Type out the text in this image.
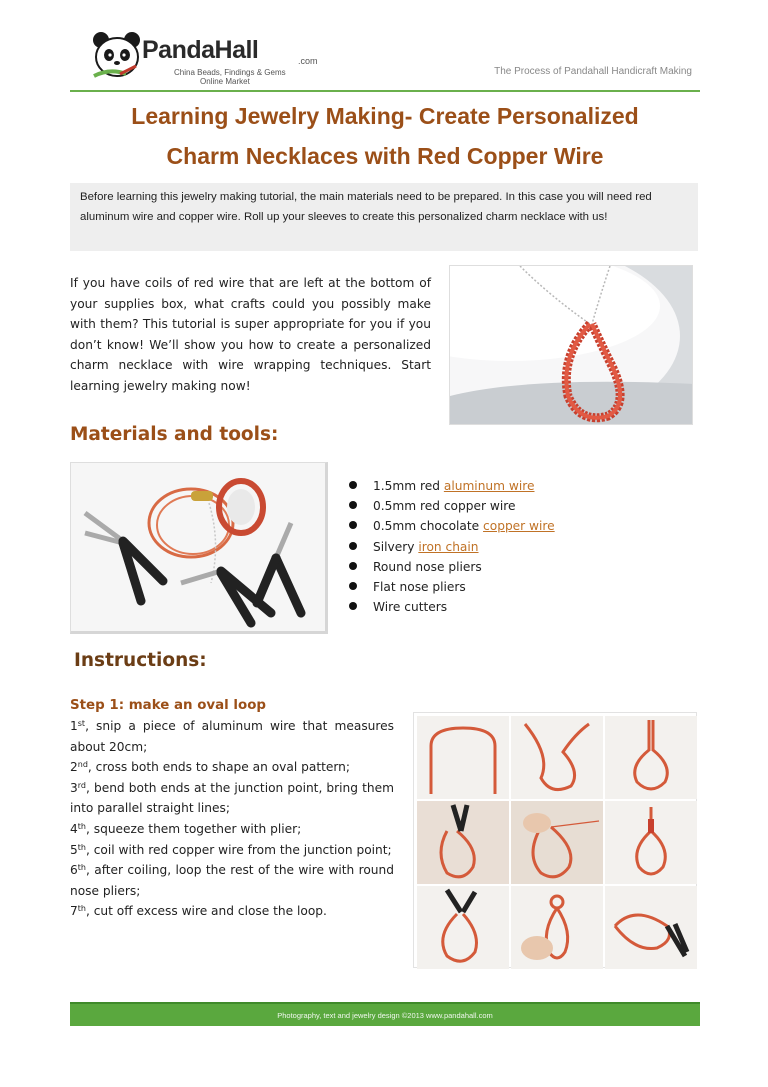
PandaHall	.com
China Beads, Findings & Gems
Online Market
The Process of Pandahall Handicraft Making
Learning Jewelry Making- Create Personalized
Charm Necklaces with Red Copper Wire
Before learning this jewelry making tutorial, the main materials need to be prepared. In this case you will need red aluminum wire and copper wire. Roll up your sleeves to create this personalized charm necklace with us!

If you have coils of red wire that are left at the bottom of your supplies box, what crafts could you possibly make with them? This tutorial is super appropriate for you if you don’t know! We’ll show you how to create a personalized charm necklace with wire wrapping techniques. Start learning jewelry making now!

Materials and tools:
1.5mm red aluminum wire
0.5mm red copper wire
0.5mm chocolate copper wire
Silvery iron chain
Round nose pliers
Flat nose pliers
Wire cutters
Instructions:
Step 1: make an oval loop
1st, snip a piece of aluminum wire that measures about 20cm;
2nd, cross both ends to shape an oval pattern;
3rd, bend both ends at the junction point, bring them into parallel straight lines;
4th, squeeze them together with plier;
5th, coil with red copper wire from the junction point;
6th, after coiling, loop the rest of the wire with round nose pliers;
7th, cut off excess wire and close the loop.
Photography, text and jewelry design ©2013 www.pandahall.com
